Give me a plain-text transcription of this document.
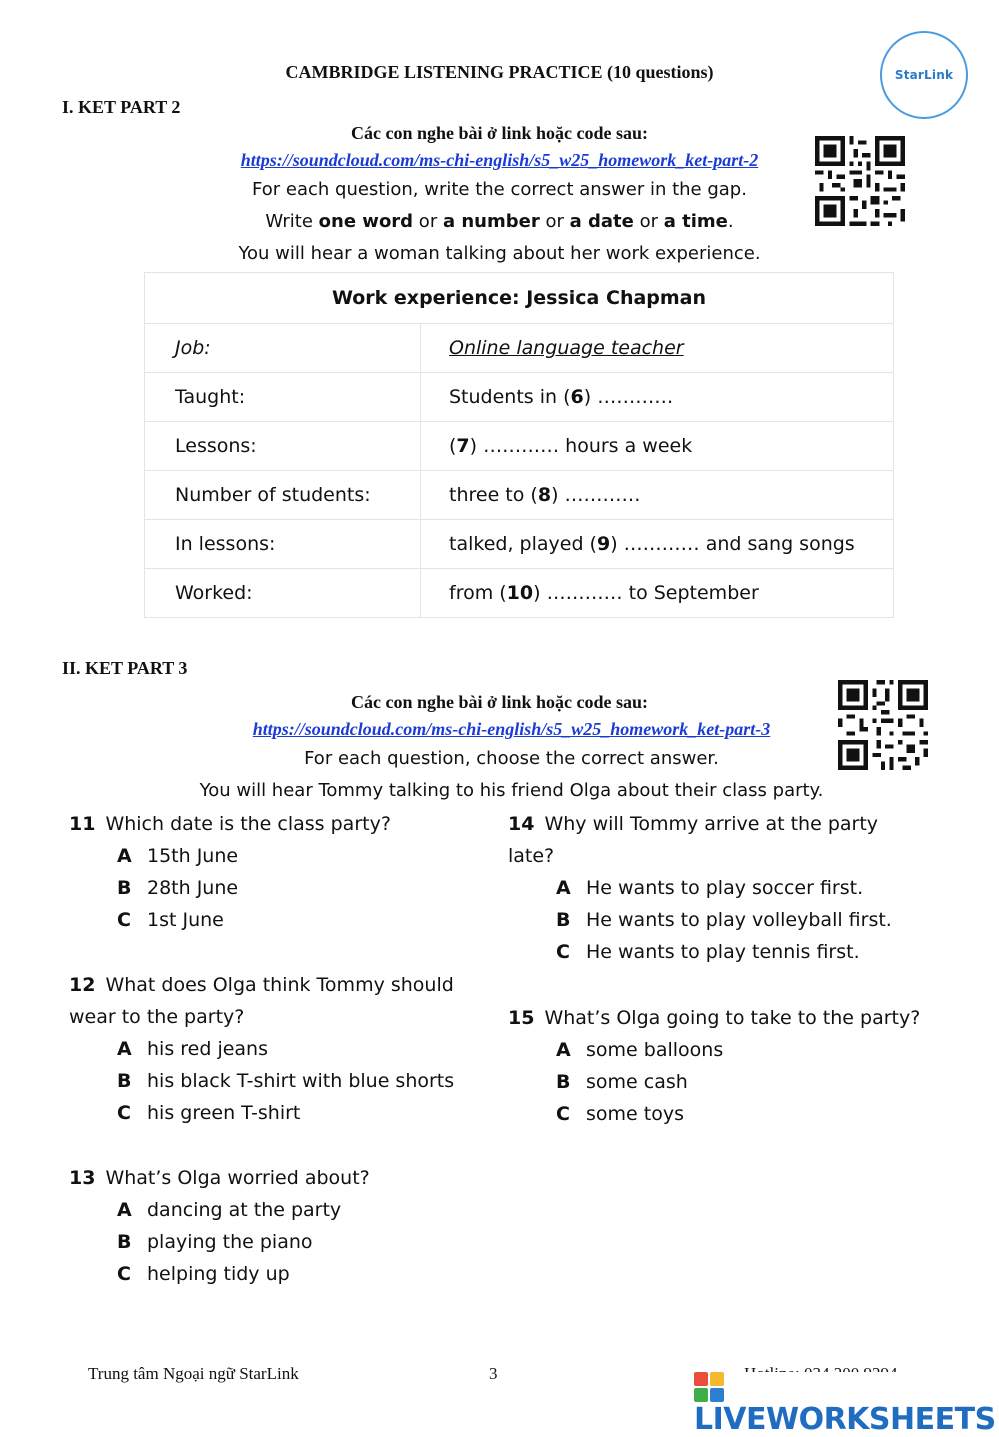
CAMBRIDGE LISTENING PRACTICE (10 questions)	StarLink
I. KET PART 2
Các con nghe bài ở link hoặc code sau:
https://soundcloud.com/ms-chi-english/s5_w25_homework_ket-part-2
For each question, write the correct answer in the gap.
Write one word or a number or a date or a time.
You will hear a woman talking about her work experience.
Work experience: Jessica Chapman	
Job:	Online language teacher
Taught:	Students in (6) …………
Lessons:	(7) ………… hours a week
Number of students:	three to (8) …………
In lessons:	talked, played (9) ………… and sang songs
Worked:	from (10) ………… to September
II. KET PART 3
Các con nghe bài ở link hoặc code sau:
https://soundcloud.com/ms-chi-english/s5_w25_homework_ket-part-3
For each question, choose the correct answer.
You will hear Tommy talking to his friend Olga about their class party.
11 Which date is the class party?
A 15th June
B 28th June
C 1st June
12 What does Olga think Tommy should
wear to the party?
A his red jeans
B his black T-shirt with blue shorts
C his green T-shirt
13 What’s Olga worried about?
A dancing at the party
B playing the piano
C helping tidy up
14 Why will Tommy arrive at the party
late?
A He wants to play soccer first.
B He wants to play volleyball first.
C He wants to play tennis first.
15 What’s Olga going to take to the party?
A some balloons
B some cash
C some toys
Trung tâm Ngoại ngữ StarLink	3
LIVEWORKSHEETS
